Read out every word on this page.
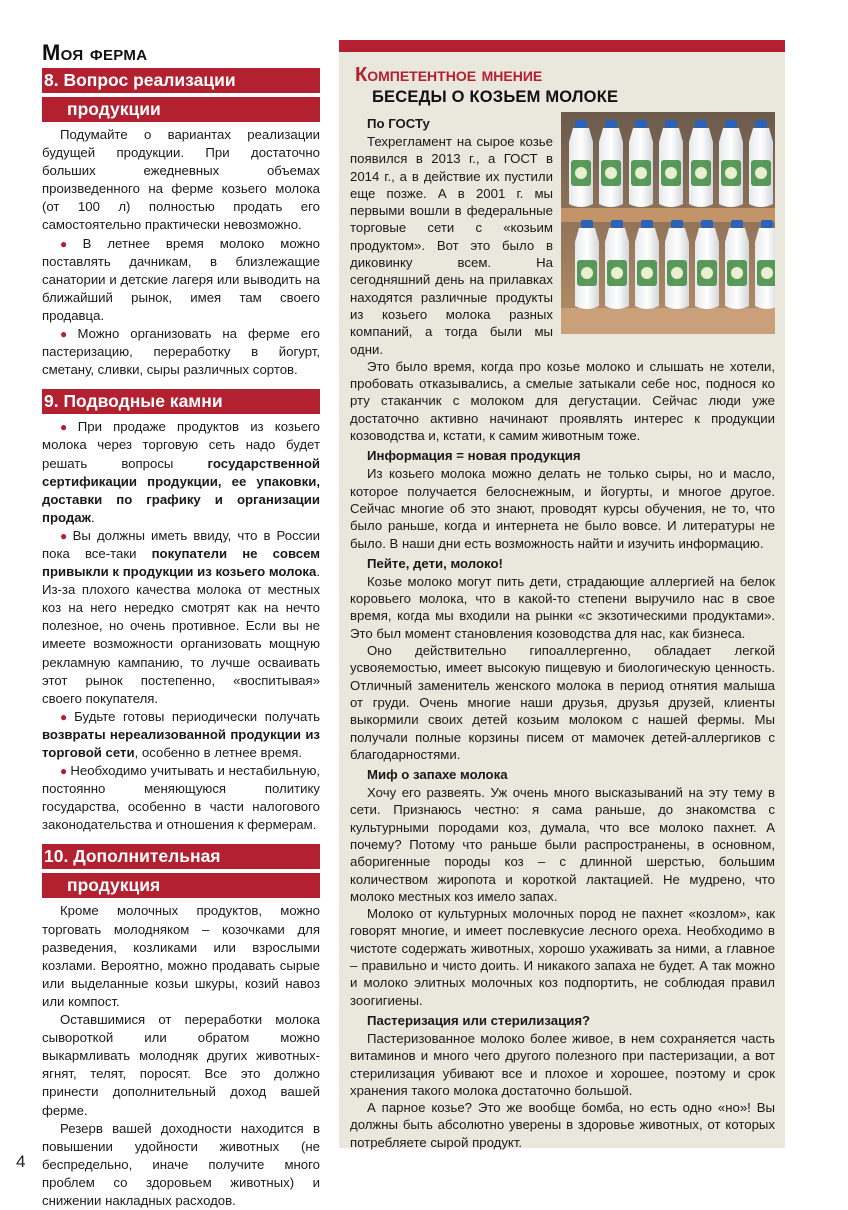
Моя ферма
8. Вопрос реализации
продукции

Подумайте о вариантах реализации будущей продукции. При достаточно больших ежедневных объемах произведенного на ферме козьего молока (от 100 л) полностью продать его самостоятельно практически невозможно.

● В летнее время молоко можно поставлять дачникам, в близлежащие санатории и детские лагеря или выводить на ближайший рынок, имея там своего продавца.

● Можно организовать на ферме его пастеризацию, переработку в йогурт, сметану, сливки, сыры различных сортов.

9. Подводные камни

● При продаже продуктов из козьего молока через торговую сеть надо будет решать вопросы государственной сертификации продукции, ее упаковки, доставки по графику и организации продаж.

● Вы должны иметь ввиду, что в России пока все-таки покупатели не совсем привыкли к продукции из козьего молока. Из-за плохого качества молока от местных коз на него нередко смотрят как на нечто полезное, но очень противное. Если вы не имеете возможности организовать мощную рекламную кампанию, то лучше осваивать этот рынок постепенно, «воспитывая» своего покупателя.

● Будьте готовы периодически получать возвраты нереализованной продукции из торговой сети, особенно в летнее время.

● Необходимо учитывать и нестабильную, постоянно меняющуюся политику государства, особенно в части налогового законодательства и отношения к фермерам.

10. Дополнительная
продукция

Кроме молочных продуктов, можно торговать молодняком – козочками для разведения, козликами или взрослыми козлами. Вероятно, можно продавать сырые или выделанные козьи шкуры, козий навоз или компост.

Оставшимися от переработки молока сывороткой или обратом можно выкармливать молодняк других животных-ягнят, телят, поросят. Все это должно принести дополнительный доход вашей ферме.

Резерв вашей доходности находится в повышении удойности животных (не беспредельно, иначе получите много проблем со здоровьем животных) и снижении накладных расходов.

Компетентное мнение
БЕСЕДЫ О КОЗЬЕМ МОЛОКЕ
По ГОСТу

Техрегламент на сырое козье появился в 2013 г., а ГОСТ в 2014 г., а в действие их пустили еще позже. А в 2001 г. мы первыми вошли в федеральные торговые сети с «козьим продуктом». Вот это было в диковинку всем. На сегодняшний день на прилавках находятся различные продукты из козьего молока разных компаний, а тогда были мы одни.

Это было время, когда про козье молоко и слышать не хотели, пробовать отказывались, а смелые затыкали себе нос, поднося ко рту стаканчик с молоком для дегустации. Сейчас люди уже достаточно активно начинают проявлять интерес к продукции козоводства и, кстати, к самим животным тоже.

Информация = новая продукция

Из козьего молока можно делать не только сыры, но и масло, которое получается белоснежным, и йогурты, и многое другое. Сейчас многие об это знают, проводят курсы обучения, не то, что было раньше, когда и интернета не было вовсе. И литературы не было. В наши дни есть возможность найти и изучить информацию.

Пейте, дети, молоко!

Козье молоко могут пить дети, страдающие аллергией на белок коровьего молока, что в какой-то степени выручило нас в свое время, когда мы входили на рынки «с экзотическими продуктами». Это был момент становления козоводства для нас, как бизнеса.

Оно действительно гипоаллергенно, обладает легкой усвояемостью, имеет высокую пищевую и биологическую ценность. Отличный заменитель женского молока в период отнятия малыша от груди. Очень многие наши друзья, друзья друзей, клиенты выкормили своих детей козьим молоком с нашей фермы. Мы получали полные корзины писем от мамочек детей-аллергиков с благодарностями.

Миф о запахе молока

Хочу его развеять. Уж очень много высказываний на эту тему в сети. Признаюсь честно: я сама раньше, до знакомства с культурными породами коз, думала, что все молоко пахнет. А почему? Потому что раньше были распространены, в основном, аборигенные породы коз – с длинной шерстью, большим количеством жиропота и короткой лактацией. Не мудрено, что молоко местных коз имело запах.

Молоко от культурных молочных пород не пахнет «козлом», как говорят многие, и имеет послевкусие лесного ореха. Необходимо в чистоте содержать животных, хорошо ухаживать за ними, а главное – правильно и чисто доить. И никакого запаха не будет. А так можно и молоко элитных молочных коз подпортить, не соблюдая правил зоогигиены.

Пастеризация или стерилизация?

Пастеризованное молоко более живое, в нем сохраняется часть витаминов и много чего другого полезного при пастеризации, а вот стерилизация убивают все и плохое и хорошее, поэтому и срок хранения такого молока достаточно большой.

А парное козье? Это же вообще бомба, но есть одно «но»! Вы должны быть абсолютно уверены в здоровье животных, от которых потребляете сырой продукт.

4
